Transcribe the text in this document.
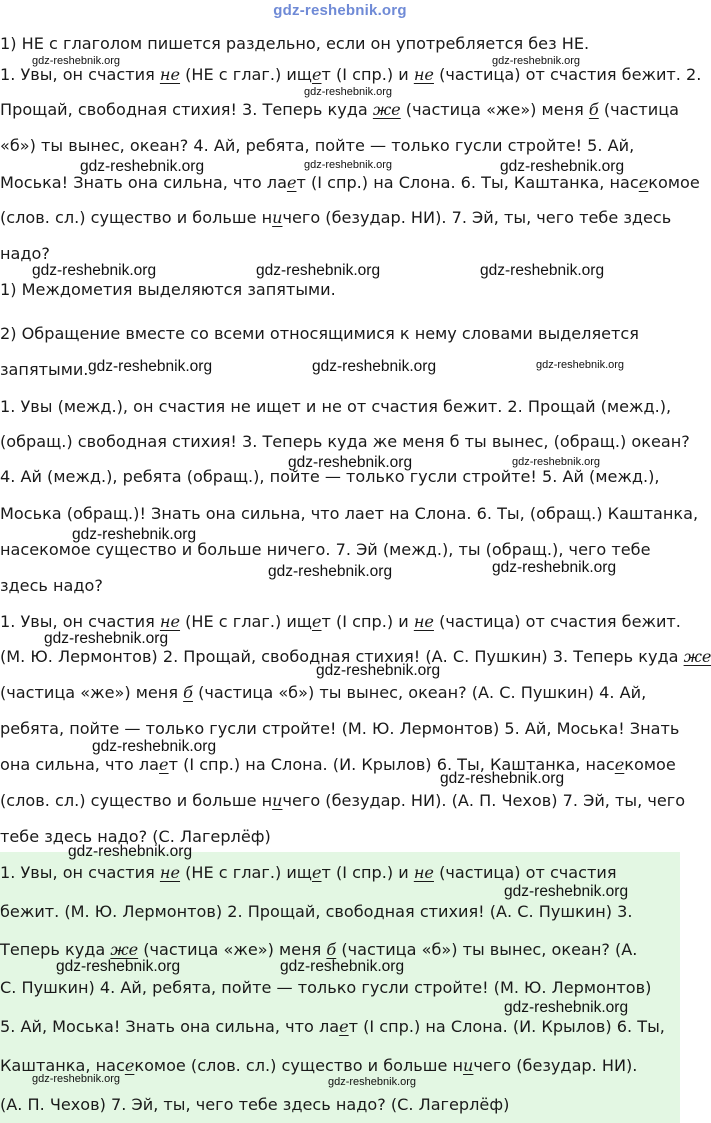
gdz-reshebnik.org
1) НЕ с глаголом пишется раздельно, если он употребляется без НЕ.
1. Увы, он счастия не (НЕ с глаг.) ищет (I спр.) и не (частица) от счастия бежит. 2.
Прощай, свободная стихия! 3. Теперь куда же (частица «же») меня б (частица
«б») ты вынес, океан? 4. Ай, ребята, пойте — только гусли стройте! 5. Ай,
Моська! Знать она сильна, что лает (I спр.) на Слона. 6. Ты, Каштанка, насекомое
(слов. сл.) существо и больше ничего (безудар. НИ). 7. Эй, ты, чего тебе здесь
надо?
1) Междометия выделяются запятыми.
2) Обращение вместе со всеми относящимися к нему словами выделяется
запятыми.
1. Увы (межд.), он счастия не ищет и не от счастия бежит. 2. Прощай (межд.),
(обращ.) свободная стихия! 3. Теперь куда же меня б ты вынес, (обращ.) океан?
4. Ай (межд.), ребята (обращ.), пойте — только гусли стройте! 5. Ай (межд.),
Моська (обращ.)! Знать она сильна, что лает на Слона. 6. Ты, (обращ.) Каштанка,
насекомое существо и больше ничего. 7. Эй (межд.), ты (обращ.), чего тебе
здесь надо?
1. Увы, он счастия не (НЕ с глаг.) ищет (I спр.) и не (частица) от счастия бежит.
(М. Ю. Лермонтов) 2. Прощай, свободная стихия! (А. С. Пушкин) 3. Теперь куда же
(частица «же») меня б (частица «б») ты вынес, океан? (А. С. Пушкин) 4. Ай,
ребята, пойте — только гусли стройте! (М. Ю. Лермонтов) 5. Ай, Моська! Знать
она сильна, что лает (I спр.) на Слона. (И. Крылов) 6. Ты, Каштанка, насекомое
(слов. сл.) существо и больше ничего (безудар. НИ). (А. П. Чехов) 7. Эй, ты, чего
тебе здесь надо? (С. Лагерлёф)
1. Увы, он счастия не (НЕ с глаг.) ищет (I спр.) и не (частица) от счастия
бежит. (М. Ю. Лермонтов) 2. Прощай, свободная стихия! (А. С. Пушкин) 3.
Теперь куда же (частица «же») меня б (частица «б») ты вынес, океан? (А.
С. Пушкин) 4. Ай, ребята, пойте — только гусли стройте! (М. Ю. Лермонтов)
5. Ай, Моська! Знать она сильна, что лает (I спр.) на Слона. (И. Крылов) 6. Ты,
Каштанка, насекомое (слов. сл.) существо и больше ничего (безудар. НИ).
(А. П. Чехов) 7. Эй, ты, чего тебе здесь надо? (С. Лагерлёф)
gdz-reshebnik.org	gdz-reshebnik.org
gdz-reshebnik.org
gdz-reshebnik.org	gdz-reshebnik.org	gdz-reshebnik.org
gdz-reshebnik.org	gdz-reshebnik.org	gdz-reshebnik.org
gdz-reshebnik.org	gdz-reshebnik.org	gdz-reshebnik.org
gdz-reshebnik.org	gdz-reshebnik.org
gdz-reshebnik.org
gdz-reshebnik.org	gdz-reshebnik.org
gdz-reshebnik.org
gdz-reshebnik.org
gdz-reshebnik.org
gdz-reshebnik.org
gdz-reshebnik.org
gdz-reshebnik.org
gdz-reshebnik.org	gdz-reshebnik.org
gdz-reshebnik.org
gdz-reshebnik.org	gdz-reshebnik.org
